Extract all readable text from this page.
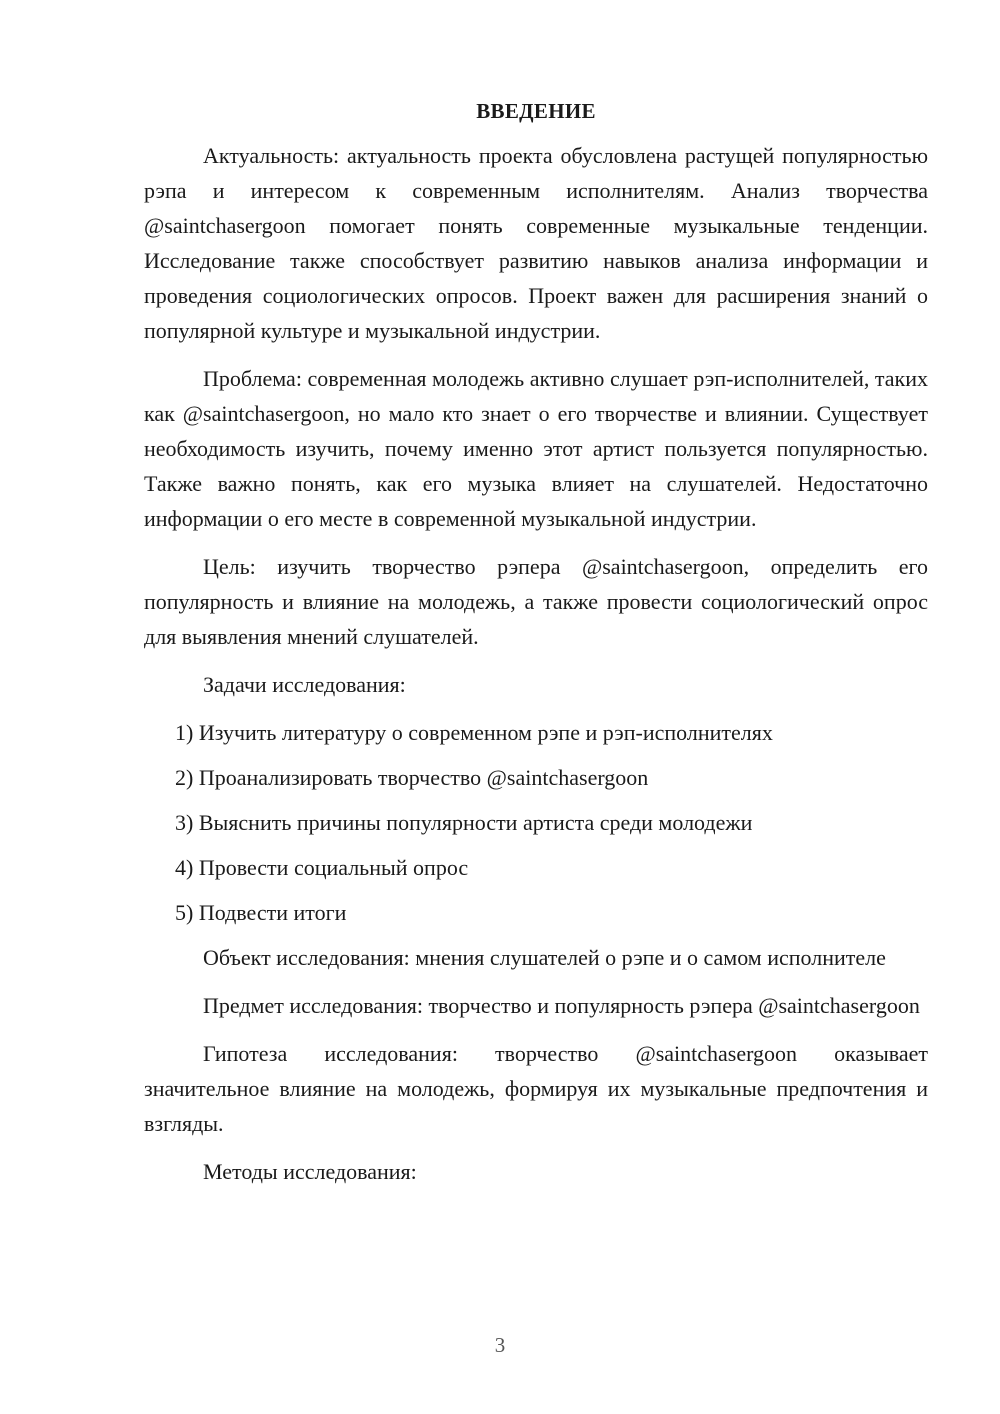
ВВЕДЕНИЕ

Актуальность: актуальность проекта обусловлена растущей популярностью рэпа и интересом к современным исполнителям. Анализ творчества @saintchasergoon помогает понять современные музыкальные тенденции. Исследование также способствует развитию навыков анализа информации и проведения социологических опросов. Проект важен для расширения знаний о популярной культуре и музыкальной индустрии.

Проблема: современная молодежь активно слушает рэп-исполнителей, таких как @saintchasergoon, но мало кто знает о его творчестве и влиянии. Существует необходимость изучить, почему именно этот артист пользуется популярностью. Также важно понять, как его музыка влияет на слушателей. Недостаточно информации о его месте в современной музыкальной индустрии.

Цель: изучить творчество рэпера @saintchasergoon, определить его популярность и влияние на молодежь, а также провести социологический опрос для выявления мнений слушателей.

Задачи исследования:

1) Изучить литературу о современном рэпе и рэп-исполнителях
2) Проанализировать творчество @saintchasergoon
3) Выяснить причины популярности артиста среди молодежи
4) Провести социальный опрос
5) Подвести итоги

Объект исследования: мнения слушателей о рэпе и о самом исполнителе

Предмет исследования: творчество и популярность рэпера @saintchasergoon

Гипотеза исследования: творчество @saintchasergoon оказывает значительное влияние на молодежь, формируя их музыкальные предпочтения и взгляды.

Методы исследования:

3
